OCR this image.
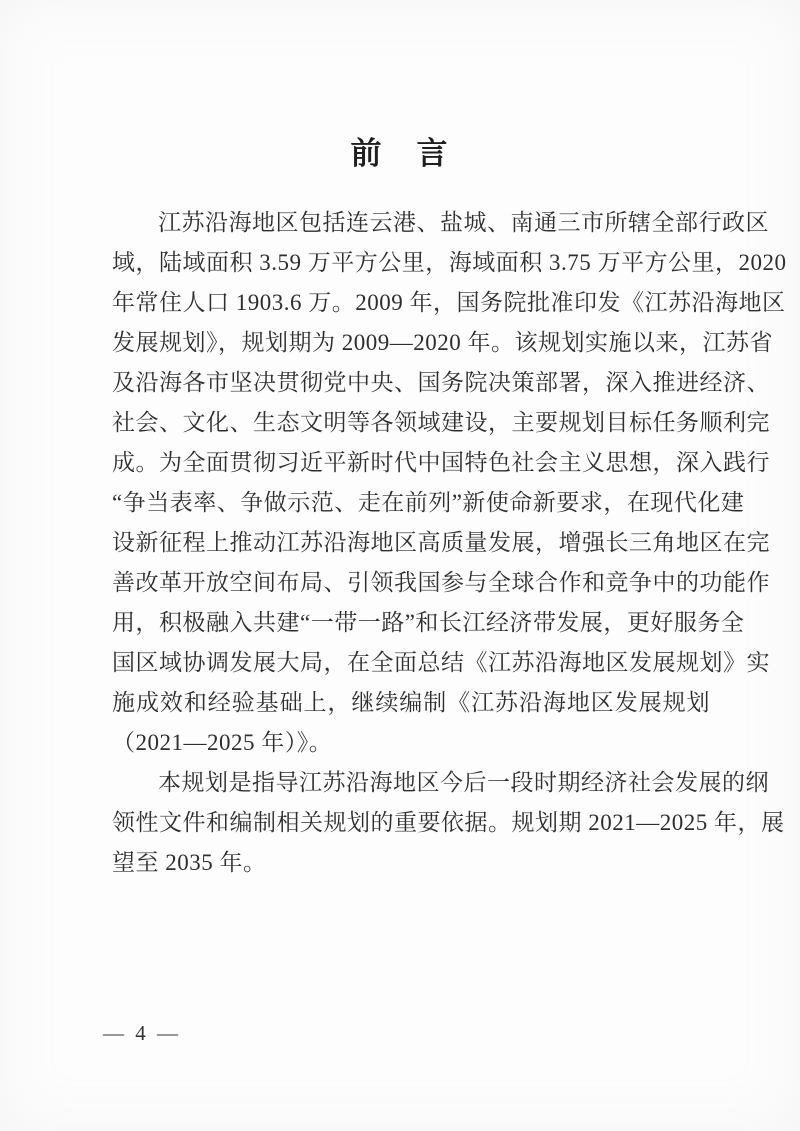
前　言
江苏沿海地区包括连云港、盐城、南通三市所辖全部行政区
域，陆域面积 3.59 万平方公里，海域面积 3.75 万平方公里，2020
年常住人口 1903.6 万。2009 年，国务院批准印发《江苏沿海地区
发展规划》，规划期为 2009—2020 年。该规划实施以来，江苏省
及沿海各市坚决贯彻党中央、国务院决策部署，深入推进经济、
社会、文化、生态文明等各领域建设，主要规划目标任务顺利完
成。为全面贯彻习近平新时代中国特色社会主义思想，深入践行
“争当表率、争做示范、走在前列”新使命新要求，在现代化建
设新征程上推动江苏沿海地区高质量发展，增强长三角地区在完
善改革开放空间布局、引领我国参与全球合作和竞争中的功能作
用，积极融入共建“一带一路”和长江经济带发展，更好服务全
国区域协调发展大局，在全面总结《江苏沿海地区发展规划》实
施成效和经验基础上，继续编制《江苏沿海地区发展规划
（2021—2025 年）》。
本规划是指导江苏沿海地区今后一段时期经济社会发展的纲
领性文件和编制相关规划的重要依据。规划期 2021—2025 年，展
望至 2035 年。
— 4 —
